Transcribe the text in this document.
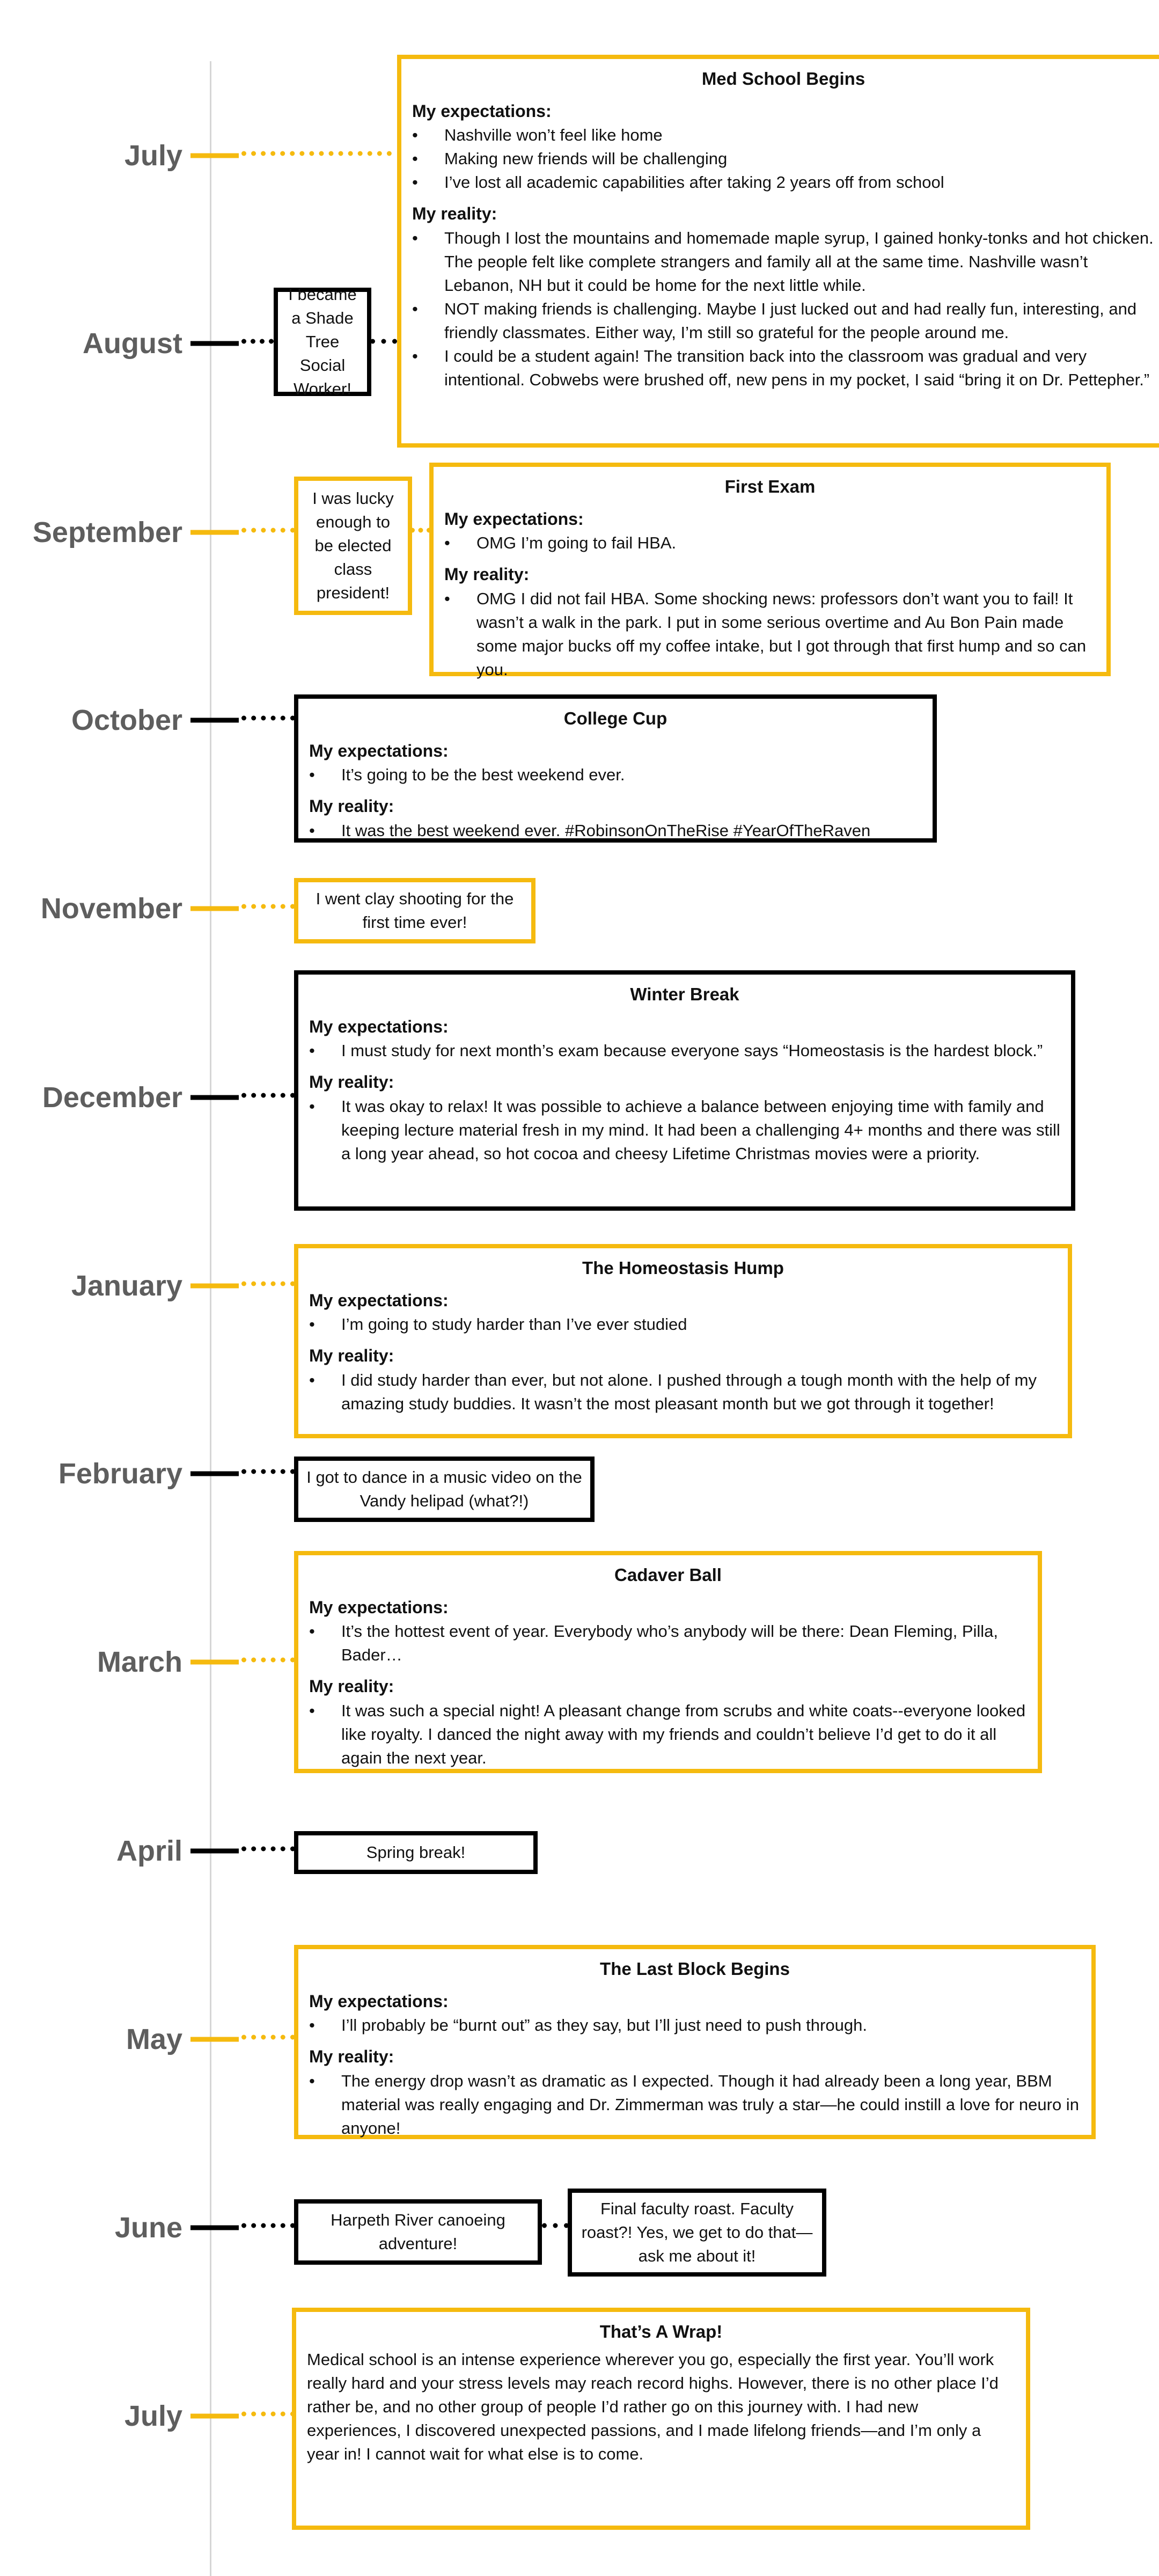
July
August
September
October
November
December
January
February
March
April
May
June
July
Med School Begins
My expectations:
• Nashville won’t feel like home
• Making new friends will be challenging
• I’ve lost all academic capabilities after taking 2 years off from school
My reality:
• Though I lost the mountains and homemade maple syrup, I gained honky-tonks and hot chicken. The people felt like complete strangers and family all at the same time. Nashville wasn’t Lebanon, NH but it could be home for the next little while.
• NOT making friends is challenging. Maybe I just lucked out and had really fun, interesting, and friendly classmates. Either way, I’m still so grateful for the people around me.
• I could be a student again! The transition back into the classroom was gradual and very intentional. Cobwebs were brushed off, new pens in my pocket, I said “bring it on Dr. Pettepher.”

I became a Shade Tree Social Worker!

I was lucky enough to be elected class president!

First Exam
My expectations:
• OMG I’m going to fail HBA.
My reality:
• OMG I did not fail HBA. Some shocking news: professors don’t want you to fail! It wasn’t a walk in the park. I put in some serious overtime and Au Bon Pain made some major bucks off my coffee intake, but I got through that first hump and so can you.
College Cup
My expectations:
• It’s going to be the best weekend ever.
My reality:
• It was the best weekend ever. #RobinsonOnTheRise #YearOfTheRaven

I went clay shooting for the first time ever!

Winter Break
My expectations:
• I must study for next month’s exam because everyone says “Homeostasis is the hardest block.”
My reality:
• It was okay to relax! It was possible to achieve a balance between enjoying time with family and keeping lecture material fresh in my mind. It had been a challenging 4+ months and there was still a long year ahead, so hot cocoa and cheesy Lifetime Christmas movies were a priority.
The Homeostasis Hump
My expectations:
• I’m going to study harder than I’ve ever studied
My reality:
• I did study harder than ever, but not alone. I pushed through a tough month with the help of my amazing study buddies. It wasn’t the most pleasant month but we got through it together!

I got to dance in a music video on the Vandy helipad (what?!)

Cadaver Ball
My expectations:
• It’s the hottest event of year. Everybody who’s anybody will be there: Dean Fleming, Pilla, Bader…
My reality:
• It was such a special night! A pleasant change from scrubs and white coats--everyone looked like royalty. I danced the night away with my friends and couldn’t believe I’d get to do it all again the next year.

Spring break!

The Last Block Begins
My expectations:
• I’ll probably be “burnt out” as they say, but I’ll just need to push through.
My reality:
• The energy drop wasn’t as dramatic as I expected. Though it had already been a long year, BBM material was really engaging and Dr. Zimmerman was truly a star—he could instill a love for neuro in anyone!

Harpeth River canoeing adventure!

Final faculty roast. Faculty roast?! Yes, we get to do that—ask me about it!

That’s A Wrap!

Medical school is an intense experience wherever you go, especially the first year. You’ll work really hard and your stress levels may reach record highs. However, there is no other place I’d rather be, and no other group of people I’d rather go on this journey with. I had new experiences, I discovered unexpected passions, and I made lifelong friends—and I’m only a year in! I cannot wait for what else is to come.
